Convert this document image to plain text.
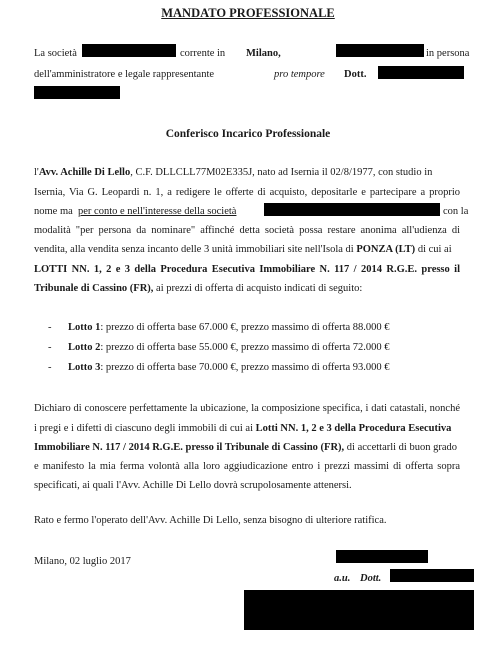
MANDATO PROFESSIONALE
La società	corrente in Milano,	in persona
dell'amministratore e legale rappresentante	pro tempore Dott.
Conferisco Incarico Professionale
l'Avv. Achille Di Lello, C.F. DLLCLL77M02E335J, nato ad Isernia il 02/8/1977, con studio in
Isernia, Via G. Leopardi n. 1, a redigere le offerte di acquisto, depositarle e partecipare a proprio
nome ma per conto e nell'interesse della società	con la
modalità "per persona da nominare" affinché detta società possa restare anonima all'udienza di
vendita, alla vendita senza incanto delle 3 unità immobiliari site nell'Isola di PONZA (LT) di cui ai
LOTTI NN. 1, 2 e 3 della Procedura Esecutiva Immobiliare N. 117 / 2014 R.G.E. presso il
Tribunale di Cassino (FR), ai prezzi di offerta di acquisto indicati di seguito:
- Lotto 1: prezzo di offerta base 67.000 €, prezzo massimo di offerta 88.000 €
- Lotto 2: prezzo di offerta base 55.000 €, prezzo massimo di offerta 72.000 €
- Lotto 3: prezzo di offerta base 70.000 €, prezzo massimo di offerta 93.000 €
Dichiaro di conoscere perfettamente la ubicazione, la composizione specifica, i dati catastali, nonché
i pregi e i difetti di ciascuno degli immobili di cui ai Lotti NN. 1, 2 e 3 della Procedura Esecutiva
Immobiliare N. 117 / 2014 R.G.E. presso il Tribunale di Cassino (FR), di accettarli di buon grado
e manifesto la mia ferma volontà alla loro aggiudicazione entro i prezzi massimi di offerta sopra
specificati, ai quali l'Avv. Achille Di Lello dovrà scrupolosamente attenersi.
Rato e fermo l'operato dell'Avv. Achille Di Lello, senza bisogno di ulteriore ratifica.
Milano, 02 luglio 2017
a.u. Dott.
